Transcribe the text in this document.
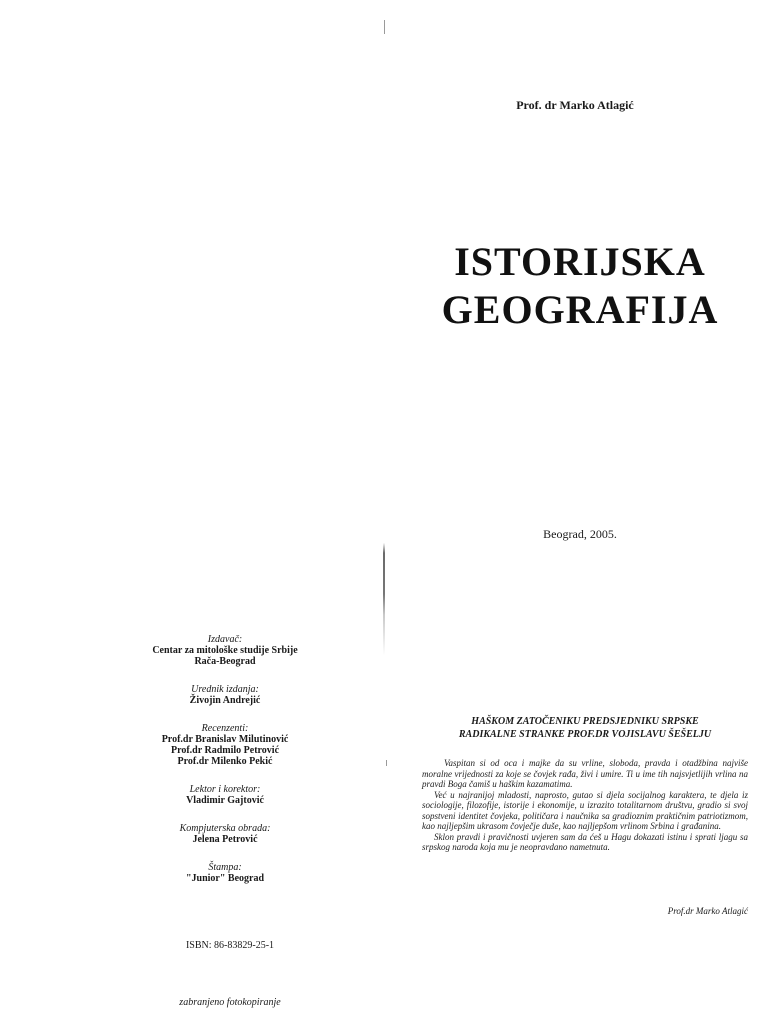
Prof. dr Marko Atlagić
ISTORIJSKA
GEOGRAFIJA
Beograd, 2005.
Izdavač:
Centar za mitološke studije Srbije
Rača-Beograd
Urednik izdanja:
Živojin Andrejić
Recenzenti:
Prof.dr Branislav Milutinović
Prof.dr Radmilo Petrović
Prof.dr Milenko Pekić
Lektor i korektor:
Vladimir Gajtović
Kompjuterska obrada:
Jelena Petrović
Štampa:
"Junior" Beograd
ISBN: 86-83829-25-1
zabranjeno fotokopiranje
HAŠKOM ZATOČENIKU PREDSJEDNIKU SRPSKE
RADIKALNE STRANKE PROF.DR VOJISLAVU ŠEŠELJU

Vaspitan si od oca i majke da su vrline, sloboda, pravda i otadžbina najviše moralne vrijednosti za koje se čovjek rađa, živi i umire. Ti u ime tih najsvjetlijih vrlina na pravdi Boga čamiš u haškim kazamatima.

Već u najranijoj mladosti, naprosto, gutao si djela socijalnog karaktera, te djela iz sociologije, filozofije, istorije i ekonomije, u izrazito totalitarnom društvu, gradio si svoj sopstveni identitet čovjeka, političara i naučnika sa gradioznim praktičnim patriotizmom, kao najljepšim ukrasom čovječje duše, kao najljepšom vrlinom Srbina i građanina.

Sklon pravdi i pravičnosti uvjeren sam da ćeš u Hagu dokazati istinu i sprati ljagu sa srpskog naroda koja mu je neopravdano nametnuta.

Prof.dr Marko Atlagić
